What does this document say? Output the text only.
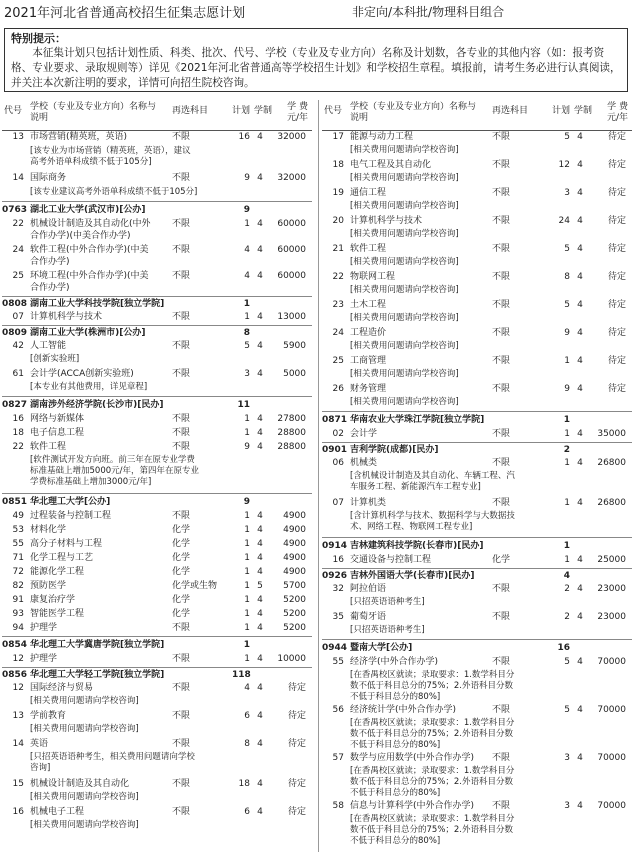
2021年河北省普通高校招生征集志愿计划	非定向/本科批/物理科目组合
特别提示：

本征集计划只包括计划性质、科类、批次、代号、学校（专业及专业方向）名称及计划数，各专业的其他内容（如：报考资格、专业要求、录取规则等）详见《2021年河北省普通高等学校招生计划》和学校招生章程。填报前，请考生务必进行认真阅读，并关注本次新注明的要求，详情可向招生院校咨询。

代号 学校（专业及专业方向）名称与说明
再选科目	计划 学制	学 费 元/年
13 市场营销(精英班，英语)	不限	16 4	32000
[该专业为市场营销（精英班，英语），建议
高考外语单科成绩不低于105分]
14 国际商务	不限	9 4	32000
[该专业建议高考外语单科成绩不低于105分]
0763 湖北工业大学(武汉市)[公办]	9
22 机械设计制造及其自动化(中外
合作办学)(中美合作办学)
不限	1 4	60000
24 软件工程(中外合作办学)(中美
合作办学)
不限	4 4	60000
25 环境工程(中外合作办学)(中美
合作办学)
不限	4 4	60000
0808 湖南工业大学科技学院[独立学院]	1
07 计算机科学与技术	不限	1 4	13000
0809 湖南工业大学(株洲市)[公办]	8
42 人工智能	不限	5 4	5900
[创新实验班]
61 会计学(ACCA创新实验班)	不限	3 4	5000
[本专业有其他费用，详见章程]
0827 湖南涉外经济学院(长沙市)[民办]	11
16 网络与新媒体	不限	1 4	27800
18 电子信息工程	不限	1 4	28800
22 软件工程	不限	9 4	28800
[软件测试开发方向班。前三年在原专业学费
标准基础上增加5000元/年，第四年在原专业
学费标准基础上增加3000元/年]
0851 华北理工大学[公办]	9
49 过程装备与控制工程	不限	1 4	4900
53 材料化学	化学	1 4	4900
55 高分子材料与工程	化学	1 4	4900
71 化学工程与工艺	化学	1 4	4900
72 能源化学工程	化学	1 4	4900
82 预防医学	化学或生物	1 5	5700
91 康复治疗学	化学	1 4	5200
93 智能医学工程	化学	1 4	5200
94 护理学	不限	1 4	5200
0854 华北理工大学冀唐学院[独立学院]	1
12 护理学	不限	1 4	10000
0856 华北理工大学轻工学院[独立学院]	118
12 国际经济与贸易	不限	4 4	待定
[相关费用问题请向学校咨询]
13 学前教育	不限	6 4	待定
[相关费用问题请向学校咨询]
14 英语	不限	8 4	待定
[只招英语语种考生，相关费用问题请向学校
咨询]
15 机械设计制造及其自动化	不限	18 4	待定
[相关费用问题请向学校咨询]
16 机械电子工程	不限	6 4	待定
[相关费用问题请向学校咨询]
代号 学校（专业及专业方向）名称与说明
再选科目	计划 学制	学 费 元/年
17 能源与动力工程	不限	5 4	待定
[相关费用问题请向学校咨询]
18 电气工程及其自动化	不限	12 4	待定
[相关费用问题请向学校咨询]
19 通信工程	不限	3 4	待定
[相关费用问题请向学校咨询]
20 计算机科学与技术	不限	24 4	待定
[相关费用问题请向学校咨询]
21 软件工程	不限	5 4	待定
[相关费用问题请向学校咨询]
22 物联网工程	不限	8 4	待定
[相关费用问题请向学校咨询]
23 土木工程	不限	5 4	待定
[相关费用问题请向学校咨询]
24 工程造价	不限	9 4	待定
[相关费用问题请向学校咨询]
25 工商管理	不限	1 4	待定
[相关费用问题请向学校咨询]
26 财务管理	不限	9 4	待定
[相关费用问题请向学校咨询]
0871 华南农业大学珠江学院[独立学院]	1
02 会计学	不限	1 4	35000
0901 吉利学院(成都)[民办]	2
06 机械类	不限	1 4	26800
[含机械设计制造及其自动化、车辆工程、汽
车服务工程、新能源汽车工程专业]
07 计算机类	不限	1 4	26800
[含计算机科学与技术、数据科学与大数据技
术、网络工程、物联网工程专业]
0914 吉林建筑科技学院(长春市)[民办]	1
16 交通设备与控制工程	化学	1 4	25000
0926 吉林外国语大学(长春市)[民办]	4
32 阿拉伯语	不限	2 4	23000
[只招英语语种考生]
35 葡萄牙语	不限	2 4	23000
[只招英语语种考生]
0944 暨南大学[公办]	16
55 经济学(中外合作办学)	不限	5 4	70000
[在香禺校区就读；录取要求：1.数学科目分
数不低于科目总分的75%；2.外语科目分数
不低于科目总分的80%]
56 经济统计学(中外合作办学)	不限	5 4	70000
[在香禺校区就读；录取要求：1.数学科目分
数不低于科目总分的75%；2.外语科目分数
不低于科目总分的80%]
57 数学与应用数学(中外合作办学) 不限	3 4	70000
[在香禺校区就读；录取要求：1.数学科目分
数不低于科目总分的75%；2.外语科目分数
不低于科目总分的80%]
58 信息与计算科学(中外合作办学) 不限	3 4	70000
[在香禺校区就读；录取要求：1.数学科目分
数不低于科目总分的75%；2.外语科目分数
不低于科目总分的80%]
